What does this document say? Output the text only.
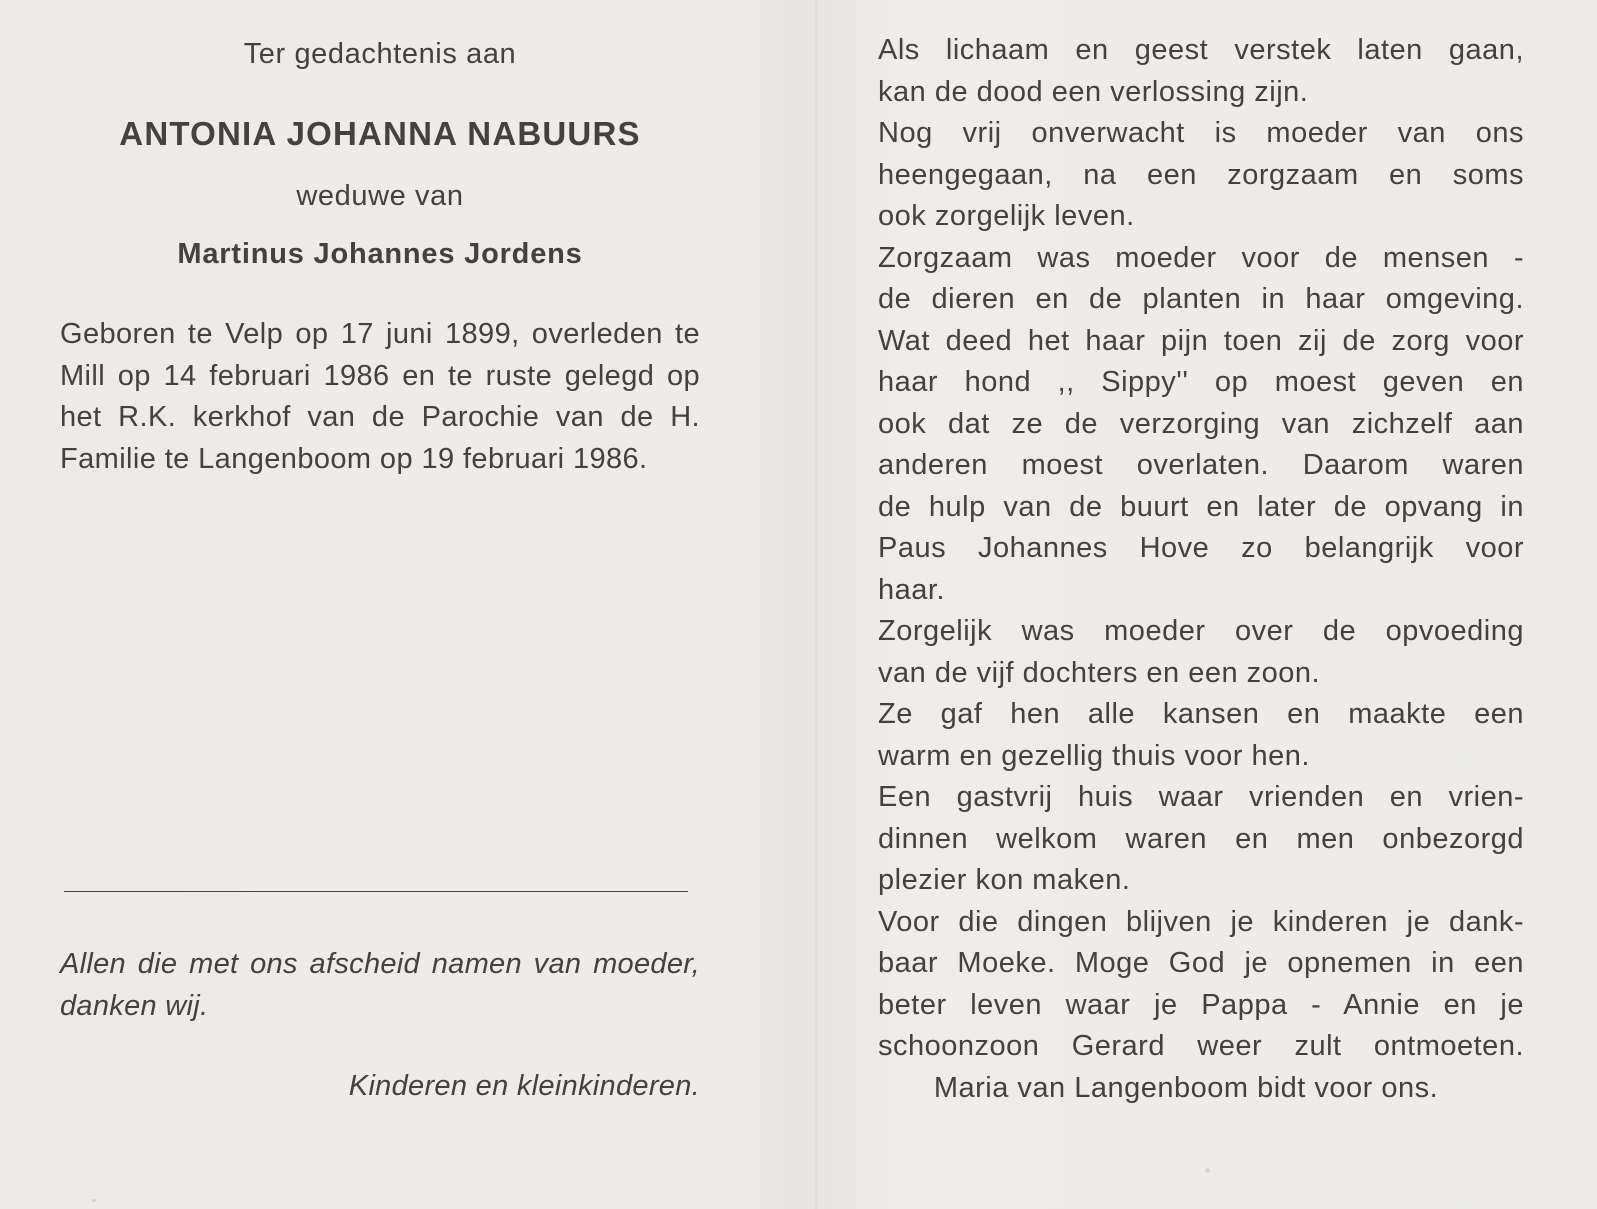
Ter gedachtenis aan
ANTONIA JOHANNA NABUURS
weduwe van
Martinus Johannes Jordens

Geboren te Velp op 17 juni 1899, overleden te Mill op 14 februari 1986 en te ruste gelegd op het R.K. kerkhof van de Parochie van de H. Familie te Langenboom op 19 februari 1986.

Allen die met ons afscheid namen van moeder, danken wij.

Kinderen en kleinkinderen.
Als lichaam en geest verstek laten gaan,
kan de dood een verlossing zijn.
Nog vrij onverwacht is moeder van ons
heengegaan, na een zorgzaam en soms
ook zorgelijk leven.
Zorgzaam was moeder voor de mensen -
de dieren en de planten in haar omgeving.
Wat deed het haar pijn toen zij de zorg voor
haar hond ,, Sippy'' op moest geven en
ook dat ze de verzorging van zichzelf aan
anderen moest overlaten. Daarom waren
de hulp van de buurt en later de opvang in
Paus Johannes Hove zo belangrijk voor
haar.
Zorgelijk was moeder over de opvoeding
van de vijf dochters en een zoon.
Ze gaf hen alle kansen en maakte een
warm en gezellig thuis voor hen.
Een gastvrij huis waar vrienden en vrien-
dinnen welkom waren en men onbezorgd
plezier kon maken.
Voor die dingen blijven je kinderen je dank-
baar Moeke. Moge God je opnemen in een
beter leven waar je Pappa - Annie en je
schoonzoon Gerard weer zult ontmoeten.
Maria van Langenboom bidt voor ons.
